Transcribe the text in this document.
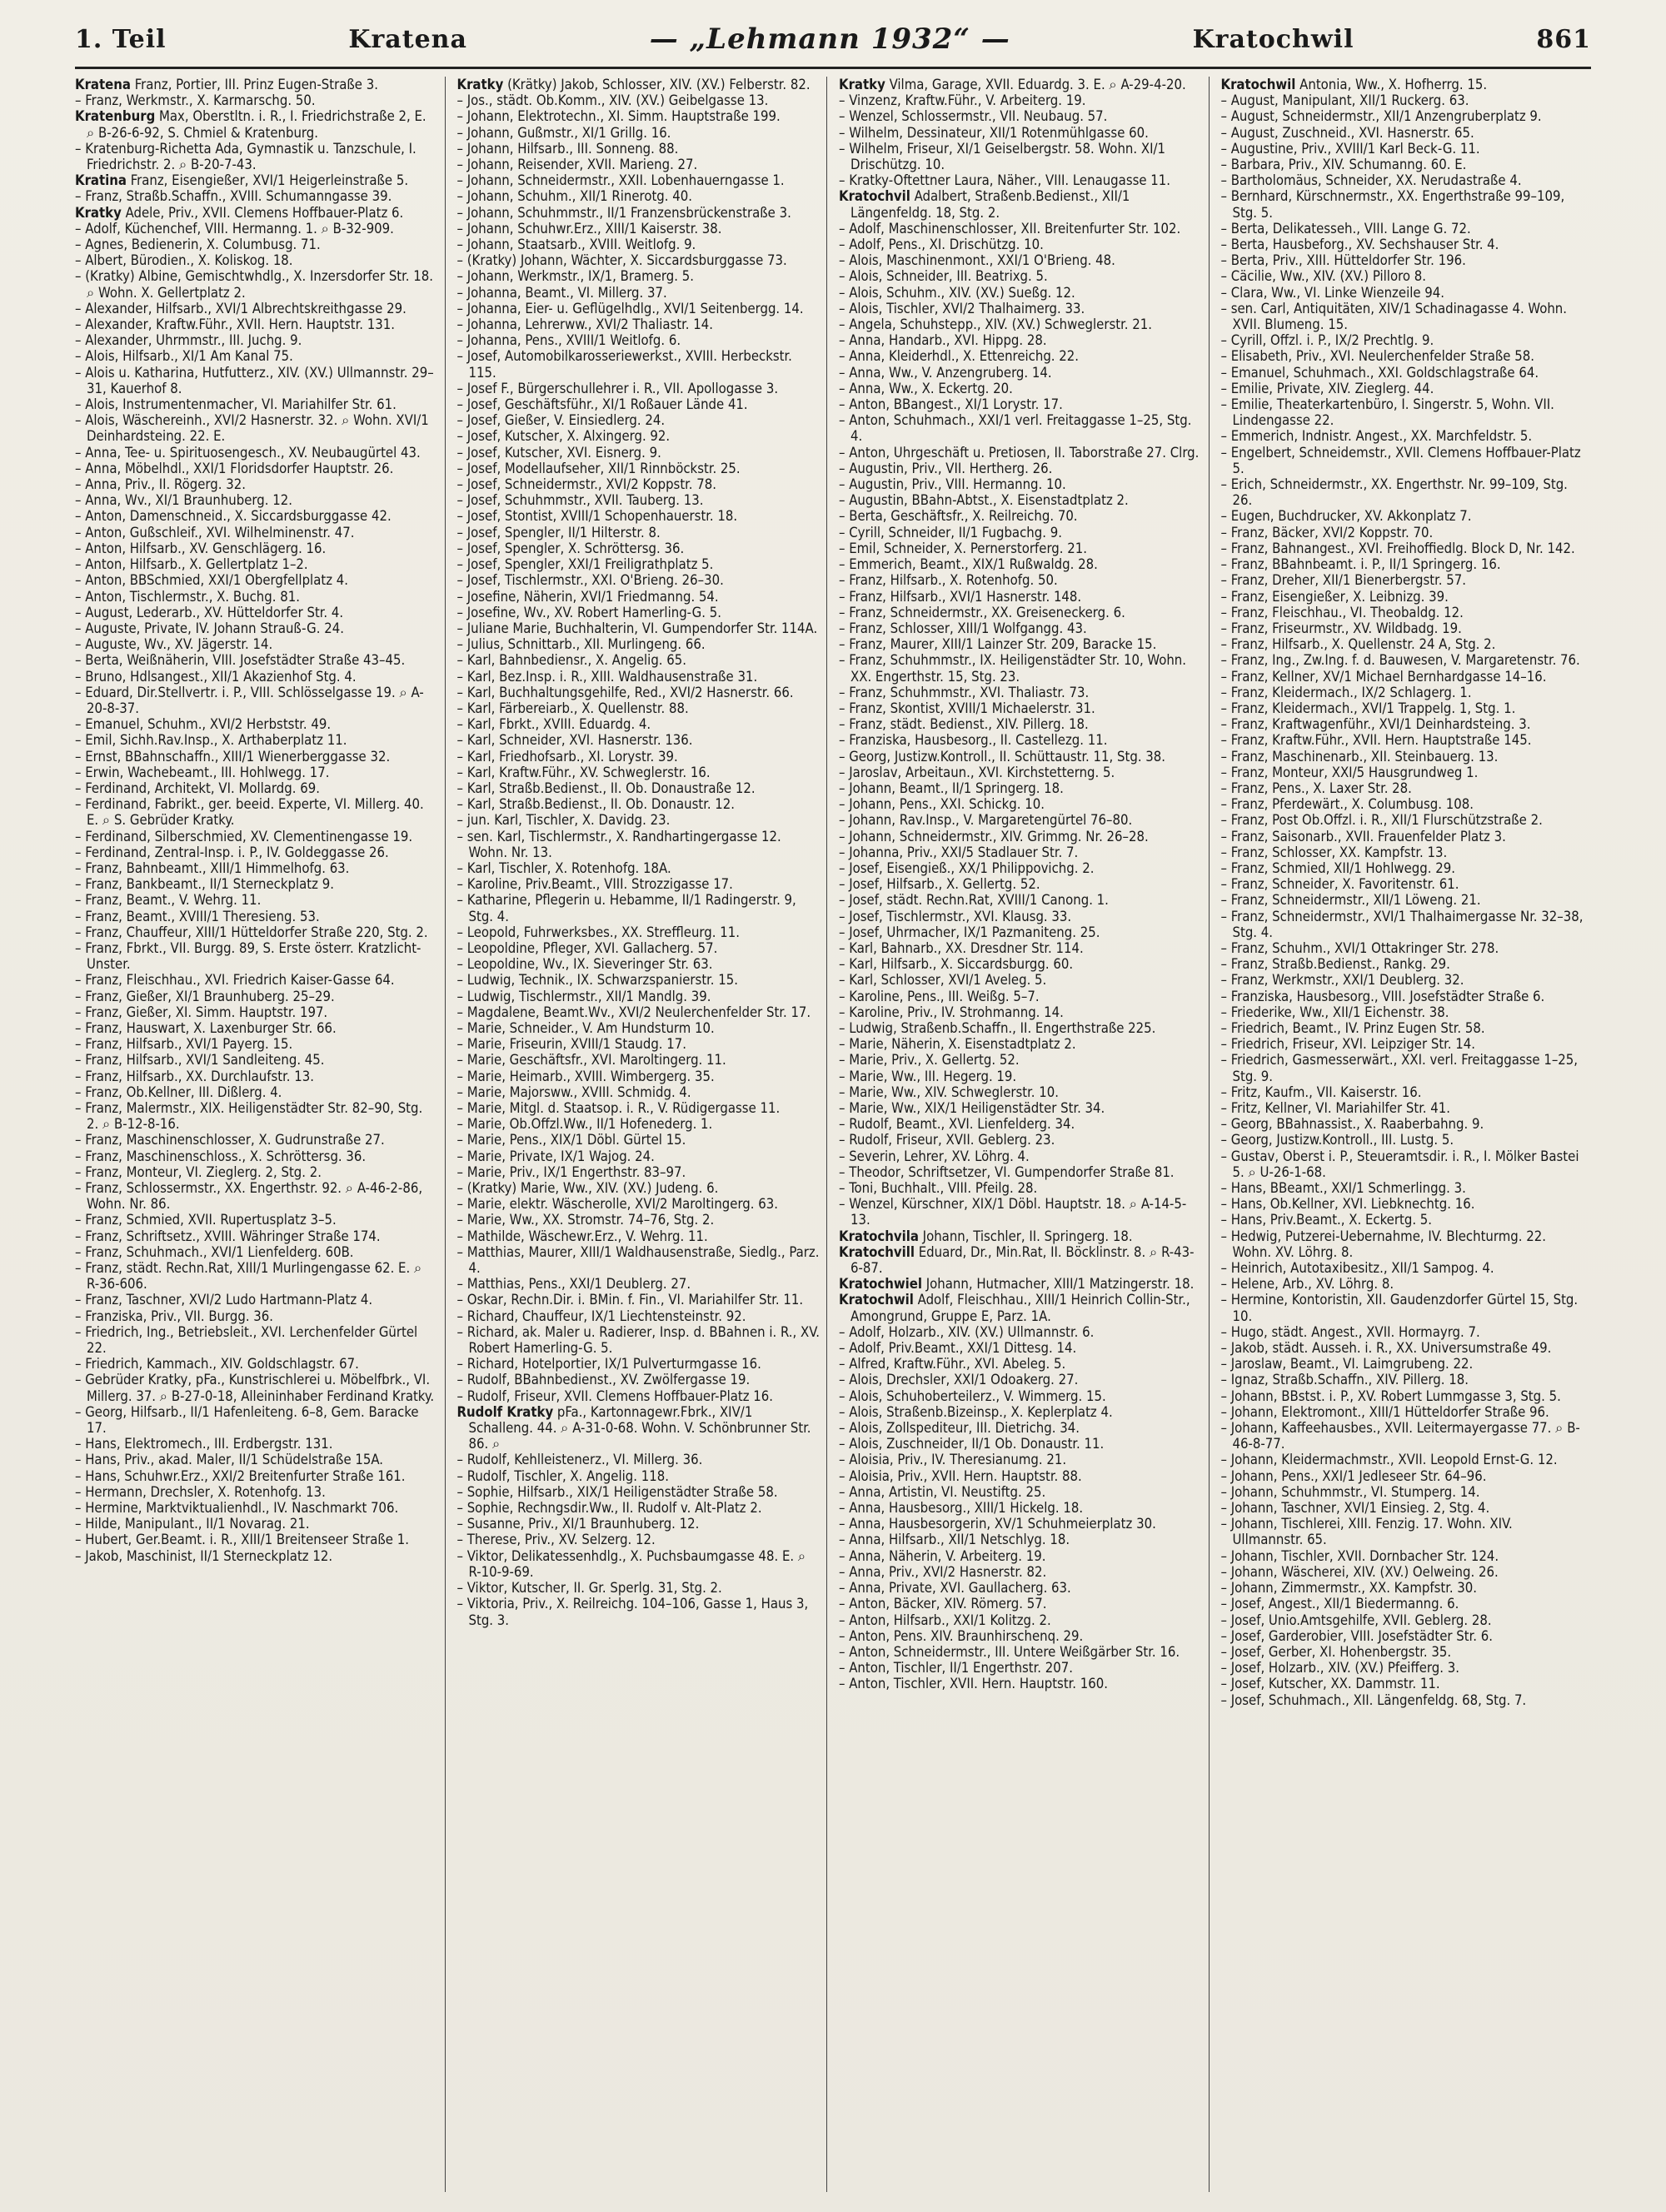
1. Teil	Kratena	— „Lehmann 1932“ —	Kratochwil	861

Kratena Franz, Portier, III. Prinz Eugen-Straße 3.

– Franz, Werkmstr., X. Karmarschg. 50.

Kratenburg Max, Oberstltn. i. R., I. Friedrichstraße 2, E. ⌕ B-26-6-92, S. Chmiel & Kratenburg.

– Kratenburg-Richetta Ada, Gymnastik u. Tanzschule, I. Friedrichstr. 2. ⌕ B-20-7-43.

Kratina Franz, Eisengießer, XVI/1 Heigerleinstraße 5.

– Franz, Straßb.Schaffn., XVIII. Schumanngasse 39.

Kratky Adele, Priv., XVII. Clemens Hoffbauer-Platz 6.

– Adolf, Küchenchef, VIII. Hermanng. 1. ⌕ B-32-909.

– Agnes, Bedienerin, X. Columbusg. 71.

– Albert, Bürodien., X. Koliskog. 18.

– (Kratky) Albine, Gemischtwhdlg., X. Inzersdorfer Str. 18. ⌕ Wohn. X. Gellertplatz 2.

– Alexander, Hilfsarb., XVI/1 Albrechtskreithgasse 29.

– Alexander, Kraftw.Führ., XVII. Hern. Hauptstr. 131.

– Alexander, Uhrmmstr., III. Juchg. 9.

– Alois, Hilfsarb., XI/1 Am Kanal 75.

– Alois u. Katharina, Hutfutterz., XIV. (XV.) Ullmannstr. 29–31, Kauerhof 8.

– Alois, Instrumentenmacher, VI. Mariahilfer Str. 61.

– Alois, Wäschereinh., XVI/2 Hasnerstr. 32. ⌕ Wohn. XVI/1 Deinhardsteing. 22. E.

– Anna, Tee- u. Spirituosengesch., XV. Neubaugürtel 43.

– Anna, Möbelhdl., XXI/1 Floridsdorfer Hauptstr. 26.

– Anna, Priv., II. Rögerg. 32.

– Anna, Wv., XI/1 Braunhuberg. 12.

– Anton, Damenschneid., X. Siccardsburggasse 42.

– Anton, Gußschleif., XVI. Wilhelminenstr. 47.

– Anton, Hilfsarb., XV. Genschlägerg. 16.

– Anton, Hilfsarb., X. Gellertplatz 1–2.

– Anton, BBSchmied, XXI/1 Obergfellplatz 4.

– Anton, Tischlermstr., X. Buchg. 81.

– August, Lederarb., XV. Hütteldorfer Str. 4.

– Auguste, Private, IV. Johann Strauß-G. 24.

– Auguste, Wv., XV. Jägerstr. 14.

– Berta, Weißnäherin, VIII. Josefstädter Straße 43–45.

– Bruno, Hdlsangest., XII/1 Akazienhof Stg. 4.

– Eduard, Dir.Stellvertr. i. P., VIII. Schlösselgasse 19. ⌕ A-20-8-37.

– Emanuel, Schuhm., XVI/2 Herbststr. 49.

– Emil, Sichh.Rav.Insp., X. Arthaberplatz 11.

– Ernst, BBahnschaffn., XIII/1 Wienerberggasse 32.

– Erwin, Wachebeamt., III. Hohlwegg. 17.

– Ferdinand, Architekt, VI. Mollardg. 69.

– Ferdinand, Fabrikt., ger. beeid. Experte, VI. Millerg. 40. E. ⌕ S. Gebrüder Kratky.

– Ferdinand, Silberschmied, XV. Clementinengasse 19.

– Ferdinand, Zentral-Insp. i. P., IV. Goldeggasse 26.

– Franz, Bahnbeamt., XIII/1 Himmelhofg. 63.

– Franz, Bankbeamt., II/1 Sterneckplatz 9.

– Franz, Beamt., V. Wehrg. 11.

– Franz, Beamt., XVIII/1 Theresieng. 53.

– Franz, Chauffeur, XIII/1 Hütteldorfer Straße 220, Stg. 2.

– Franz, Fbrkt., VII. Burgg. 89, S. Erste österr. Kratzlicht-Unster.

– Franz, Fleischhau., XVI. Friedrich Kaiser-Gasse 64.

– Franz, Gießer, XI/1 Braunhuberg. 25–29.

– Franz, Gießer, XI. Simm. Hauptstr. 197.

– Franz, Hauswart, X. Laxenburger Str. 66.

– Franz, Hilfsarb., XVI/1 Payerg. 15.

– Franz, Hilfsarb., XVI/1 Sandleiteng. 45.

– Franz, Hilfsarb., XX. Durchlaufstr. 13.

– Franz, Ob.Kellner, III. Dißlerg. 4.

– Franz, Malermstr., XIX. Heiligenstädter Str. 82–90, Stg. 2. ⌕ B-12-8-16.

– Franz, Maschinenschlosser, X. Gudrunstraße 27.

– Franz, Maschinenschloss., X. Schröttersg. 36.

– Franz, Monteur, VI. Zieglerg. 2, Stg. 2.

– Franz, Schlossermstr., XX. Engerthstr. 92. ⌕ A-46-2-86, Wohn. Nr. 86.

– Franz, Schmied, XVII. Rupertusplatz 3–5.

– Franz, Schriftsetz., XVIII. Währinger Straße 174.

– Franz, Schuhmach., XVI/1 Lienfelderg. 60B.

– Franz, städt. Rechn.Rat, XIII/1 Murlingengasse 62. E. ⌕ R-36-606.

– Franz, Taschner, XVI/2 Ludo Hartmann-Platz 4.

– Franziska, Priv., VII. Burgg. 36.

– Friedrich, Ing., Betriebsleit., XVI. Lerchenfelder Gürtel 22.

– Friedrich, Kammach., XIV. Goldschlagstr. 67.

– Gebrüder Kratky, pFa., Kunstrischlerei u. Möbelfbrk., VI. Millerg. 37. ⌕ B-27-0-18, Alleininhaber Ferdinand Kratky.

– Georg, Hilfsarb., II/1 Hafenleiteng. 6–8, Gem. Baracke 17.

– Hans, Elektromech., III. Erdbergstr. 131.

– Hans, Priv., akad. Maler, II/1 Schüdelstraße 15A.

– Hans, Schuhwr.Erz., XXI/2 Breitenfurter Straße 161.

– Hermann, Drechsler, X. Rotenhofg. 13.

– Hermine, Marktviktualienhdl., IV. Naschmarkt 706.

– Hilde, Manipulant., II/1 Novarag. 21.

– Hubert, Ger.Beamt. i. R., XIII/1 Breitenseer Straße 1.

– Jakob, Maschinist, II/1 Sterneckplatz 12.

Kratky (Krätky) Jakob, Schlosser, XIV. (XV.) Felberstr. 82.

– Jos., städt. Ob.Komm., XIV. (XV.) Geibelgasse 13.

– Johann, Elektrotechn., XI. Simm. Hauptstraße 199.

– Johann, Gußmstr., XI/1 Grillg. 16.

– Johann, Hilfsarb., III. Sonneng. 88.

– Johann, Reisender, XVII. Marieng. 27.

– Johann, Schneidermstr., XXII. Lobenhauerngasse 1.

– Johann, Schuhm., XII/1 Rinerotg. 40.

– Johann, Schuhmmstr., II/1 Franzensbrückenstraße 3.

– Johann, Schuhwr.Erz., XIII/1 Kaiserstr. 38.

– Johann, Staatsarb., XVIII. Weitlofg. 9.

– (Kratky) Johann, Wächter, X. Siccardsburggasse 73.

– Johann, Werkmstr., IX/1, Bramerg. 5.

– Johanna, Beamt., VI. Millerg. 37.

– Johanna, Eier- u. Geflügelhdlg., XVI/1 Seitenbergg. 14.

– Johanna, Lehrerww., XVI/2 Thaliastr. 14.

– Johanna, Pens., XVIII/1 Weitlofg. 6.

– Josef, Automobilkarosseriewerkst., XVIII. Herbeckstr. 115.

– Josef F., Bürgerschullehrer i. R., VII. Apollogasse 3.

– Josef, Geschäftsführ., XI/1 Roßauer Lände 41.

– Josef, Gießer, V. Einsiedlerg. 24.

– Josef, Kutscher, X. Alxingerg. 92.

– Josef, Kutscher, XVI. Eisnerg. 9.

– Josef, Modellaufseher, XII/1 Rinnböckstr. 25.

– Josef, Schneidermstr., XVI/2 Koppstr. 78.

– Josef, Schuhmmstr., XVII. Tauberg. 13.

– Josef, Stontist, XVIII/1 Schopenhauerstr. 18.

– Josef, Spengler, II/1 Hilterstr. 8.

– Josef, Spengler, X. Schröttersg. 36.

– Josef, Spengler, XXI/1 Freiligrathplatz 5.

– Josef, Tischlermstr., XXI. O'Brieng. 26–30.

– Josefine, Näherin, XVI/1 Friedmanng. 54.

– Josefine, Wv., XV. Robert Hamerling-G. 5.

– Juliane Marie, Buchhalterin, VI. Gumpendorfer Str. 114A.

– Julius, Schnittarb., XII. Murlingeng. 66.

– Karl, Bahnbediensr., X. Angelig. 65.

– Karl, Bez.Insp. i. R., XIII. Waldhausenstraße 31.

– Karl, Buchhaltungsgehilfe, Red., XVI/2 Hasnerstr. 66.

– Karl, Färbereiarb., X. Quellenstr. 88.

– Karl, Fbrkt., XVIII. Eduardg. 4.

– Karl, Schneider, XVI. Hasnerstr. 136.

– Karl, Friedhofsarb., XI. Lorystr. 39.

– Karl, Kraftw.Führ., XV. Schweglerstr. 16.

– Karl, Straßb.Bedienst., II. Ob. Donaustraße 12.

– Karl, Straßb.Bedienst., II. Ob. Donaustr. 12.

– jun. Karl, Tischler, X. Davidg. 23.

– sen. Karl, Tischlermstr., X. Randhartingergasse 12. Wohn. Nr. 13.

– Karl, Tischler, X. Rotenhofg. 18A.

– Karoline, Priv.Beamt., VIII. Strozzigasse 17.

– Katharine, Pflegerin u. Hebamme, II/1 Radingerstr. 9, Stg. 4.

– Leopold, Fuhrwerksbes., XX. Streffleurg. 11.

– Leopoldine, Pfleger, XVI. Gallacherg. 57.

– Leopoldine, Wv., IX. Sieveringer Str. 63.

– Ludwig, Technik., IX. Schwarzspanierstr. 15.

– Ludwig, Tischlermstr., XII/1 Mandlg. 39.

– Magdalene, Beamt.Wv., XVI/2 Neulerchenfelder Str. 17.

– Marie, Schneider., V. Am Hundsturm 10.

– Marie, Friseurin, XVIII/1 Staudg. 17.

– Marie, Geschäftsfr., XVI. Maroltingerg. 11.

– Marie, Heimarb., XVIII. Wimbergerg. 35.

– Marie, Majorsww., XVIII. Schmidg. 4.

– Marie, Mitgl. d. Staatsop. i. R., V. Rüdigergasse 11.

– Marie, Ob.Offzl.Ww., II/1 Hofenederg. 1.

– Marie, Pens., XIX/1 Döbl. Gürtel 15.

– Marie, Private, IX/1 Wajog. 24.

– Marie, Priv., IX/1 Engerthstr. 83–97.

– (Kratky) Marie, Ww., XIV. (XV.) Judeng. 6.

– Marie, elektr. Wäscherolle, XVI/2 Maroltingerg. 63.

– Marie, Ww., XX. Stromstr. 74–76, Stg. 2.

– Mathilde, Wäschewr.Erz., V. Wehrg. 11.

– Matthias, Maurer, XIII/1 Waldhausenstraße, Siedlg., Parz. 4.

– Matthias, Pens., XXI/1 Deublerg. 27.

– Oskar, Rechn.Dir. i. BMin. f. Fin., VI. Mariahilfer Str. 11.

– Richard, Chauffeur, IX/1 Liechtensteinstr. 92.

– Richard, ak. Maler u. Radierer, Insp. d. BBahnen i. R., XV. Robert Hamerling-G. 5.

– Richard, Hotelportier, IX/1 Pulverturmgasse 16.

– Rudolf, BBahnbedienst., XV. Zwölfergasse 19.

– Rudolf, Friseur, XVII. Clemens Hoffbauer-Platz 16.

Rudolf Kratky pFa., Kartonnagewr.Fbrk., XIV/1 Schalleng. 44. ⌕ A-31-0-68. Wohn. V. Schönbrunner Str. 86. ⌕

– Rudolf, Kehlleistenerz., VI. Millerg. 36.

– Rudolf, Tischler, X. Angelig. 118.

– Sophie, Hilfsarb., XIX/1 Heiligenstädter Straße 58.

– Sophie, Rechngsdir.Ww., II. Rudolf v. Alt-Platz 2.

– Susanne, Priv., XI/1 Braunhuberg. 12.

– Therese, Priv., XV. Selzerg. 12.

– Viktor, Delikatessenhdlg., X. Puchsbaumgasse 48. E. ⌕ R-10-9-69.

– Viktor, Kutscher, II. Gr. Sperlg. 31, Stg. 2.

– Viktoria, Priv., X. Reilreichg. 104–106, Gasse 1, Haus 3, Stg. 3.

Kratky Vilma, Garage, XVII. Eduardg. 3. E. ⌕ A-29-4-20.

– Vinzenz, Kraftw.Führ., V. Arbeiterg. 19.

– Wenzel, Schlossermstr., VII. Neubaug. 57.

– Wilhelm, Dessinateur, XII/1 Rotenmühlgasse 60.

– Wilhelm, Friseur, XI/1 Geiselbergstr. 58. Wohn. XI/1 Drischützg. 10.

– Kratky-Oftettner Laura, Näher., VIII. Lenaugasse 11.

Kratochvil Adalbert, Straßenb.Bedienst., XII/1 Längenfeldg. 18, Stg. 2.

– Adolf, Maschinenschlosser, XII. Breitenfurter Str. 102.

– Adolf, Pens., XI. Drischützg. 10.

– Alois, Maschinenmont., XXI/1 O'Brieng. 48.

– Alois, Schneider, III. Beatrixg. 5.

– Alois, Schuhm., XIV. (XV.) Sueßg. 12.

– Alois, Tischler, XVI/2 Thalhaimerg. 33.

– Angela, Schuhstepp., XIV. (XV.) Schweglerstr. 21.

– Anna, Handarb., XVI. Hippg. 28.

– Anna, Kleiderhdl., X. Ettenreichg. 22.

– Anna, Ww., V. Anzengruberg. 14.

– Anna, Ww., X. Eckertg. 20.

– Anton, BBangest., XI/1 Lorystr. 17.

– Anton, Schuhmach., XXI/1 verl. Freitaggasse 1–25, Stg. 4.

– Anton, Uhrgeschäft u. Pretiosen, II. Taborstraße 27. Clrg.

– Augustin, Priv., VII. Hertherg. 26.

– Augustin, Priv., VIII. Hermanng. 10.

– Augustin, BBahn-Abtst., X. Eisenstadtplatz 2.

– Berta, Geschäftsfr., X. Reilreichg. 70.

– Cyrill, Schneider, II/1 Fugbachg. 9.

– Emil, Schneider, X. Pernerstorferg. 21.

– Emmerich, Beamt., XIX/1 Rußwaldg. 28.

– Franz, Hilfsarb., X. Rotenhofg. 50.

– Franz, Hilfsarb., XVI/1 Hasnerstr. 148.

– Franz, Schneidermstr., XX. Greiseneckerg. 6.

– Franz, Schlosser, XIII/1 Wolfgangg. 43.

– Franz, Maurer, XIII/1 Lainzer Str. 209, Baracke 15.

– Franz, Schuhmmstr., IX. Heiligenstädter Str. 10, Wohn. XX. Engerthstr. 15, Stg. 23.

– Franz, Schuhmmstr., XVI. Thaliastr. 73.

– Franz, Skontist, XVIII/1 Michaelerstr. 31.

– Franz, städt. Bedienst., XIV. Pillerg. 18.

– Franziska, Hausbesorg., II. Castellezg. 11.

– Georg, Justizw.Kontroll., II. Schüttaustr. 11, Stg. 38.

– Jaroslav, Arbeitaun., XVI. Kirchstetterng. 5.

– Johann, Beamt., II/1 Springerg. 18.

– Johann, Pens., XXI. Schickg. 10.

– Johann, Rav.Insp., V. Margaretengürtel 76–80.

– Johann, Schneidermstr., XIV. Grimmg. Nr. 26–28.

– Johanna, Priv., XXI/5 Stadlauer Str. 7.

– Josef, Eisengieß., XX/1 Philippovichg. 2.

– Josef, Hilfsarb., X. Gellertg. 52.

– Josef, städt. Rechn.Rat, XVIII/1 Canong. 1.

– Josef, Tischlermstr., XVI. Klausg. 33.

– Josef, Uhrmacher, IX/1 Pazmaniteng. 25.

– Karl, Bahnarb., XX. Dresdner Str. 114.

– Karl, Hilfsarb., X. Siccardsburgg. 60.

– Karl, Schlosser, XVI/1 Aveleg. 5.

– Karoline, Pens., III. Weißg. 5–7.

– Karoline, Priv., IV. Strohmanng. 14.

– Ludwig, Straßenb.Schaffn., II. Engerthstraße 225.

– Marie, Näherin, X. Eisenstadtplatz 2.

– Marie, Priv., X. Gellertg. 52.

– Marie, Ww., III. Hegerg. 19.

– Marie, Ww., XIV. Schweglerstr. 10.

– Marie, Ww., XIX/1 Heiligenstädter Str. 34.

– Rudolf, Beamt., XVI. Lienfelderg. 34.

– Rudolf, Friseur, XVII. Geblerg. 23.

– Severin, Lehrer, XV. Löhrg. 4.

– Theodor, Schriftsetzer, VI. Gumpendorfer Straße 81.

– Toni, Buchhalt., VIII. Pfeilg. 28.

– Wenzel, Kürschner, XIX/1 Döbl. Hauptstr. 18. ⌕ A-14-5-13.

Kratochvila Johann, Tischler, II. Springerg. 18.

Kratochvill Eduard, Dr., Min.Rat, II. Böcklinstr. 8. ⌕ R-43-6-87.

Kratochwiel Johann, Hutmacher, XIII/1 Matzingerstr. 18.

Kratochwil Adolf, Fleischhau., XIII/1 Heinrich Collin-Str., Amongrund, Gruppe E, Parz. 1A.

– Adolf, Holzarb., XIV. (XV.) Ullmannstr. 6.

– Adolf, Priv.Beamt., XXI/1 Dittesg. 14.

– Alfred, Kraftw.Führ., XVI. Abeleg. 5.

– Alois, Drechsler, XXI/1 Odoakerg. 27.

– Alois, Schuhoberteilerz., V. Wimmerg. 15.

– Alois, Straßenb.Bizeinsp., X. Keplerplatz 4.

– Alois, Zollspediteur, III. Dietrichg. 34.

– Alois, Zuschneider, II/1 Ob. Donaustr. 11.

– Aloisia, Priv., IV. Theresianumg. 21.

– Aloisia, Priv., XVII. Hern. Hauptstr. 88.

– Anna, Artistin, VI. Neustiftg. 25.

– Anna, Hausbesorg., XIII/1 Hickelg. 18.

– Anna, Hausbesorgerin, XV/1 Schuhmeierplatz 30.

– Anna, Hilfsarb., XII/1 Netschlyg. 18.

– Anna, Näherin, V. Arbeiterg. 19.

– Anna, Priv., XVI/2 Hasnerstr. 82.

– Anna, Private, XVI. Gaullacherg. 63.

– Anton, Bäcker, XIV. Römerg. 57.

– Anton, Hilfsarb., XXI/1 Kolitzg. 2.

– Anton, Pens. XIV. Braunhirschenq. 29.

– Anton, Schneidermstr., III. Untere Weißgärber Str. 16.

– Anton, Tischler, II/1 Engerthstr. 207.

– Anton, Tischler, XVII. Hern. Hauptstr. 160.

Kratochwil Antonia, Ww., X. Hofherrg. 15.

– August, Manipulant, XII/1 Ruckerg. 63.

– August, Schneidermstr., XII/1 Anzengruberplatz 9.

– August, Zuschneid., XVI. Hasnerstr. 65.

– Augustine, Priv., XVIII/1 Karl Beck-G. 11.

– Barbara, Priv., XIV. Schumanng. 60. E.

– Bartholomäus, Schneider, XX. Nerudastraße 4.

– Bernhard, Kürschnermstr., XX. Engerthstraße 99–109, Stg. 5.

– Berta, Delikatesseh., VIII. Lange G. 72.

– Berta, Hausbeforg., XV. Sechshauser Str. 4.

– Berta, Priv., XIII. Hütteldorfer Str. 196.

– Cäcilie, Ww., XIV. (XV.) Pilloro 8.

– Clara, Ww., VI. Linke Wienzeile 94.

– sen. Carl, Antiquitäten, XIV/1 Schadinagasse 4. Wohn. XVII. Blumeng. 15.

– Cyrill, Offzl. i. P., IX/2 Prechtlg. 9.

– Elisabeth, Priv., XVI. Neulerchenfelder Straße 58.

– Emanuel, Schuhmach., XXI. Goldschlagstraße 64.

– Emilie, Private, XIV. Zieglerg. 44.

– Emilie, Theaterkartenbüro, I. Singerstr. 5, Wohn. VII. Lindengasse 22.

– Emmerich, Indnistr. Angest., XX. Marchfeldstr. 5.

– Engelbert, Schneidemstr., XVII. Clemens Hoffbauer-Platz 5.

– Erich, Schneidermstr., XX. Engerthstr. Nr. 99–109, Stg. 26.

– Eugen, Buchdrucker, XV. Akkonplatz 7.

– Franz, Bäcker, XVI/2 Koppstr. 70.

– Franz, Bahnangest., XVI. Freihoffiedlg. Block D, Nr. 142.

– Franz, BBahnbeamt. i. P., II/1 Springerg. 16.

– Franz, Dreher, XII/1 Bienerbergstr. 57.

– Franz, Eisengießer, X. Leibnizg. 39.

– Franz, Fleischhau., VI. Theobaldg. 12.

– Franz, Friseurmstr., XV. Wildbadg. 19.

– Franz, Hilfsarb., X. Quellenstr. 24 A, Stg. 2.

– Franz, Ing., Zw.Ing. f. d. Bauwesen, V. Margaretenstr. 76.

– Franz, Kellner, XV/1 Michael Bernhardgasse 14–16.

– Franz, Kleidermach., IX/2 Schlagerg. 1.

– Franz, Kleidermach., XVI/1 Trappelg. 1, Stg. 1.

– Franz, Kraftwagenführ., XVI/1 Deinhardsteing. 3.

– Franz, Kraftw.Führ., XVII. Hern. Hauptstraße 145.

– Franz, Maschinenarb., XII. Steinbauerg. 13.

– Franz, Monteur, XXI/5 Hausgrundweg 1.

– Franz, Pens., X. Laxer Str. 28.

– Franz, Pferdewärt., X. Columbusg. 108.

– Franz, Post Ob.Offzl. i. R., XII/1 Flurschützstraße 2.

– Franz, Saisonarb., XVII. Frauenfelder Platz 3.

– Franz, Schlosser, XX. Kampfstr. 13.

– Franz, Schmied, XII/1 Hohlwegg. 29.

– Franz, Schneider, X. Favoritenstr. 61.

– Franz, Schneidermstr., XII/1 Löweng. 21.

– Franz, Schneidermstr., XVI/1 Thalhaimergasse Nr. 32–38, Stg. 4.

– Franz, Schuhm., XVI/1 Ottakringer Str. 278.

– Franz, Straßb.Bedienst., Rankg. 29.

– Franz, Werkmstr., XXI/1 Deublerg. 32.

– Franziska, Hausbesorg., VIII. Josefstädter Straße 6.

– Friederike, Ww., XII/1 Eichenstr. 38.

– Friedrich, Beamt., IV. Prinz Eugen Str. 58.

– Friedrich, Friseur, XVI. Leipziger Str. 14.

– Friedrich, Gasmesserwärt., XXI. verl. Freitaggasse 1–25, Stg. 9.

– Fritz, Kaufm., VII. Kaiserstr. 16.

– Fritz, Kellner, VI. Mariahilfer Str. 41.

– Georg, BBahnassist., X. Raaberbahng. 9.

– Georg, Justizw.Kontroll., III. Lustg. 5.

– Gustav, Oberst i. P., Steueramtsdir. i. R., I. Mölker Bastei 5. ⌕ U-26-1-68.

– Hans, BBeamt., XXI/1 Schmerlingg. 3.

– Hans, Ob.Kellner, XVI. Liebknechtg. 16.

– Hans, Priv.Beamt., X. Eckertg. 5.

– Hedwig, Putzerei-Uebernahme, IV. Blechturmg. 22. Wohn. XV. Löhrg. 8.

– Heinrich, Autotaxibesitz., XII/1 Sampog. 4.

– Helene, Arb., XV. Löhrg. 8.

– Hermine, Kontoristin, XII. Gaudenzdorfer Gürtel 15, Stg. 10.

– Hugo, städt. Angest., XVII. Hormayrg. 7.

– Jakob, städt. Ausseh. i. R., XX. Universumstraße 49.

– Jaroslaw, Beamt., VI. Laimgrubeng. 22.

– Ignaz, Straßb.Schaffn., XIV. Pillerg. 18.

– Johann, BBstst. i. P., XV. Robert Lummgasse 3, Stg. 5.

– Johann, Elektromont., XIII/1 Hütteldorfer Straße 96.

– Johann, Kaffeehausbes., XVII. Leitermayergasse 77. ⌕ B-46-8-77.

– Johann, Kleidermachmstr., XVII. Leopold Ernst-G. 12.

– Johann, Pens., XXI/1 Jedleseer Str. 64–96.

– Johann, Schuhmmstr., VI. Stumperg. 14.

– Johann, Taschner, XVI/1 Einsieg. 2, Stg. 4.

– Johann, Tischlerei, XIII. Fenzig. 17. Wohn. XIV. Ullmannstr. 65.

– Johann, Tischler, XVII. Dornbacher Str. 124.

– Johann, Wäscherei, XIV. (XV.) Oelweing. 26.

– Johann, Zimmermstr., XX. Kampfstr. 30.

– Josef, Angest., XII/1 Biedermanng. 6.

– Josef, Unio.Amtsgehilfe, XVII. Geblerg. 28.

– Josef, Garderobier, VIII. Josefstädter Str. 6.

– Josef, Gerber, XI. Hohenbergstr. 35.

– Josef, Holzarb., XIV. (XV.) Pfeifferg. 3.

– Josef, Kutscher, XX. Dammstr. 11.

– Josef, Schuhmach., XII. Längenfeldg. 68, Stg. 7.
